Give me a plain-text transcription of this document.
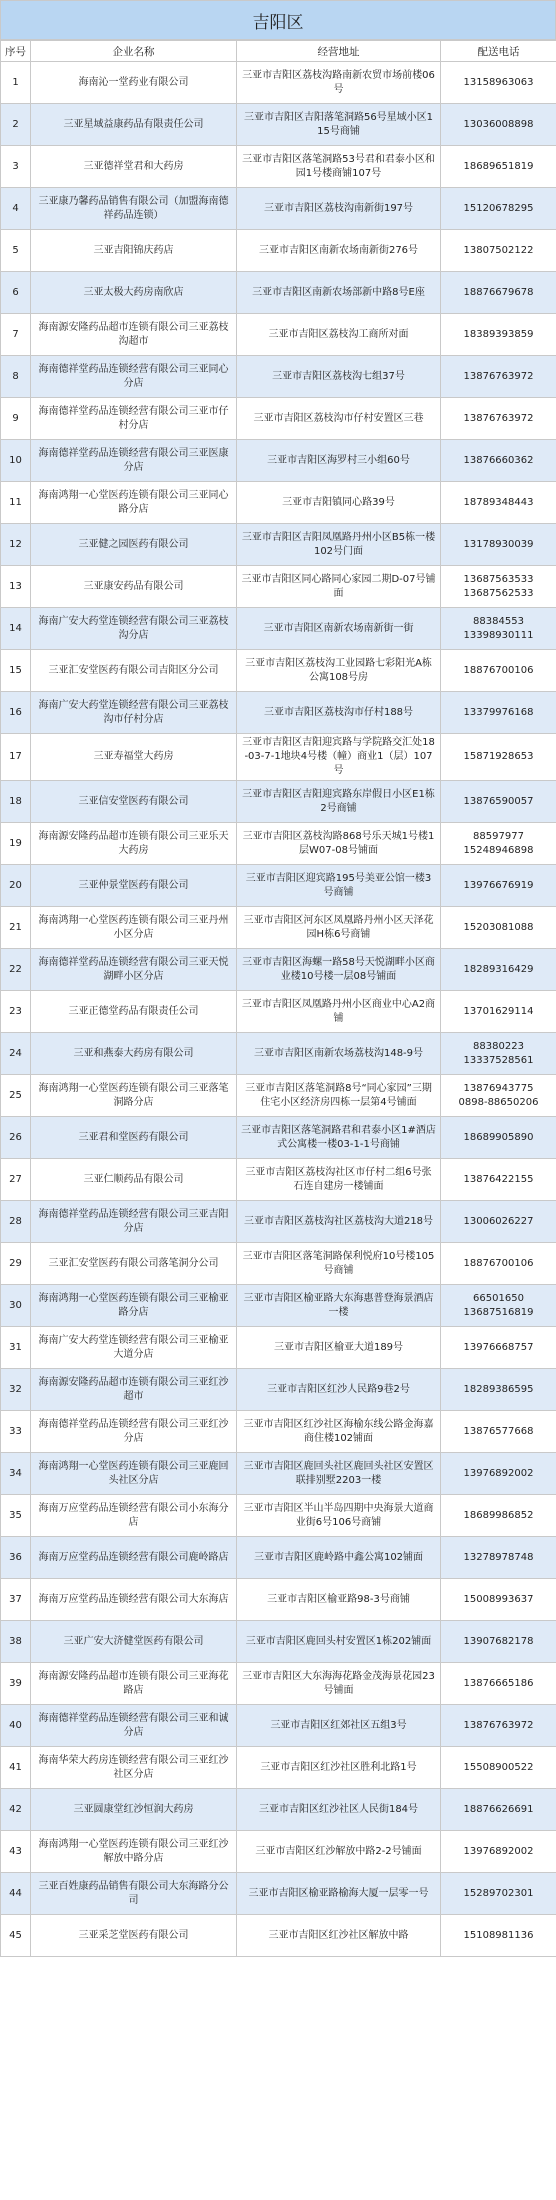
吉阳区
序号	企业名称	经营地址	配送电话
1	海南沁一堂药业有限公司	三亚市吉阳区荔枝沟路南新农贸市场前楼06号	13158963063

2	三亚星域益康药品有限责任公司	三亚市吉阳区吉阳落笔洞路56号星域小区115号商铺	13036008898

3	三亚德祥堂君和大药房	三亚市吉阳区落笔洞路53号君和君泰小区和园1号楼商铺107号	18689651819

4	三亚康乃馨药品销售有限公司（加盟海南德祥药品连锁）	三亚市吉阳区荔枝沟南新街197号	15120678295

5	三亚吉阳锦庆药店	三亚市吉阳区南新农场南新街276号	13807502122

6	三亚太极大药房南欣店	三亚市吉阳区南新农场部新中路8号E座	18876679678

7	海南源安隆药品超市连锁有限公司三亚荔枝沟超市	三亚市吉阳区荔枝沟工商所对面	18389393859

8	海南德祥堂药品连锁经营有限公司三亚同心分店	三亚市吉阳区荔枝沟七组37号	13876763972

9	海南德祥堂药品连锁经营有限公司三亚市仔村分店	三亚市吉阳区荔枝沟市仔村安置区三巷	13876763972

10	海南德祥堂药品连锁经营有限公司三亚医康分店	三亚市吉阳区海罗村三小组60号	13876660362

11	海南鸿翔一心堂医药连锁有限公司三亚同心路分店	三亚市吉阳镇同心路39号	18789348443

12	三亚健之园医药有限公司	三亚市吉阳区吉阳凤凰路丹州小区B5栋一楼102号门面	13178930039

13	三亚康安药品有限公司	三亚市吉阳区同心路同心家园二期D-07号铺面	13687563533
13687562533

14	海南广安大药堂连锁经营有限公司三亚荔枝沟分店	三亚市吉阳区南新农场南新街一街	88384553
13398930111

15	三亚汇安堂医药有限公司吉阳区分公司	三亚市吉阳区荔枝沟工业园路七彩阳光A栋公寓108号房	18876700106

16	海南广安大药堂连锁经营有限公司三亚荔枝沟市仔村分店	三亚市吉阳区荔枝沟市仔村188号	13379976168

17	三亚寿福堂大药房	三亚市吉阳区吉阳迎宾路与学院路交汇处18-03-7-1地块4号楼（幢）商业1（层）107号	15871928653

18	三亚信安堂医药有限公司	三亚市吉阳区吉阳迎宾路东岸假日小区E1栋2号商铺	13876590057

19	海南源安隆药品超市连锁有限公司三亚乐天大药房	三亚市吉阳区荔枝沟路868号乐天城1号楼1层W07-08号铺面	88597977
15248946898

20	三亚仲景堂医药有限公司	三亚市吉阳区迎宾路195号美亚公馆一楼3号商铺	13976676919

21	海南鸿翔一心堂医药连锁有限公司三亚丹州小区分店	三亚市吉阳区河东区凤凰路丹州小区天泽花园H栋6号商铺	15203081088

22	海南德祥堂药品连锁经营有限公司三亚天悦湖畔小区分店	三亚市吉阳区海螺一路58号天悦湖畔小区商业楼10号楼一层08号铺面	18289316429

23	三亚正德堂药品有限责任公司	三亚市吉阳区凤凰路丹州小区商业中心A2商铺	13701629114

24	三亚和燕泰大药房有限公司	三亚市吉阳区南新农场荔枝沟148-9号	88380223
13337528561

25	海南鸿翔一心堂医药连锁有限公司三亚落笔洞路分店	三亚市吉阳区落笔洞路8号“同心家园”三期住宅小区经济房四栋一层第4号铺面	13876943775
0898-88650206

26	三亚君和堂医药有限公司	三亚市吉阳区落笔洞路君和君泰小区1#酒店式公寓楼一楼03-1-1号商铺	18689905890

27	三亚仁顺药品有限公司	三亚市吉阳区荔枝沟社区市仔村二组6号张石连自建房一楼铺面	13876422155

28	海南德祥堂药品连锁经营有限公司三亚吉阳分店	三亚市吉阳区荔枝沟社区荔枝沟大道218号	13006026227

29	三亚汇安堂医药有限公司落笔洞分公司	三亚市吉阳区落笔洞路保利悦府10号楼105号商铺	18876700106

30	海南鸿翔一心堂医药连锁有限公司三亚榆亚路分店	三亚市吉阳区榆亚路大东海惠普登海景酒店一楼	66501650
13687516819

31	海南广安大药堂连锁经营有限公司三亚榆亚大道分店	三亚市吉阳区榆亚大道189号	13976668757

32	海南源安隆药品超市连锁有限公司三亚红沙超市	三亚市吉阳区红沙人民路9巷2号	18289386595

33	海南德祥堂药品连锁经营有限公司三亚红沙分店	三亚市吉阳区红沙社区海榆东线公路金海嘉商住楼102铺面	13876577668

34	海南鸿翔一心堂医药连锁有限公司三亚鹿回头社区分店	三亚市吉阳区鹿回头社区鹿回头社区安置区联排别墅2203一楼	13976892002

35	海南万应堂药品连锁经营有限公司小东海分店	三亚市吉阳区半山半岛四期中央海景大道商业街6号106号商铺	18689986852

36	海南万应堂药品连锁经营有限公司鹿岭路店	三亚市吉阳区鹿岭路中鑫公寓102铺面	13278978748

37	海南万应堂药品连锁经营有限公司大东海店	三亚市吉阳区榆亚路98-3号商铺	15008993637

38	三亚广安大济健堂医药有限公司	三亚市吉阳区鹿回头村安置区1栋202铺面	13907682178

39	海南源安隆药品超市连锁有限公司三亚海花路店	三亚市吉阳区大东海海花路金茂海景花园23号铺面	13876665186

40	海南德祥堂药品连锁经营有限公司三亚和诚分店	三亚市吉阳区红郊社区五组3号	13876763972

41	海南华荣大药房连锁经营有限公司三亚红沙社区分店	三亚市吉阳区红沙社区胜利北路1号	15508900522

42	三亚圆康堂红沙恒润大药房	三亚市吉阳区红沙社区人民街184号	18876626691

43	海南鸿翔一心堂医药连锁有限公司三亚红沙解放中路分店	三亚市吉阳区红沙解放中路2-2号铺面	13976892002

44	三亚百姓康药品销售有限公司大东海路分公司	三亚市吉阳区榆亚路榆海大厦一层零一号	15289702301

45	三亚采芝堂医药有限公司	三亚市吉阳区红沙社区解放中路	15108981136
